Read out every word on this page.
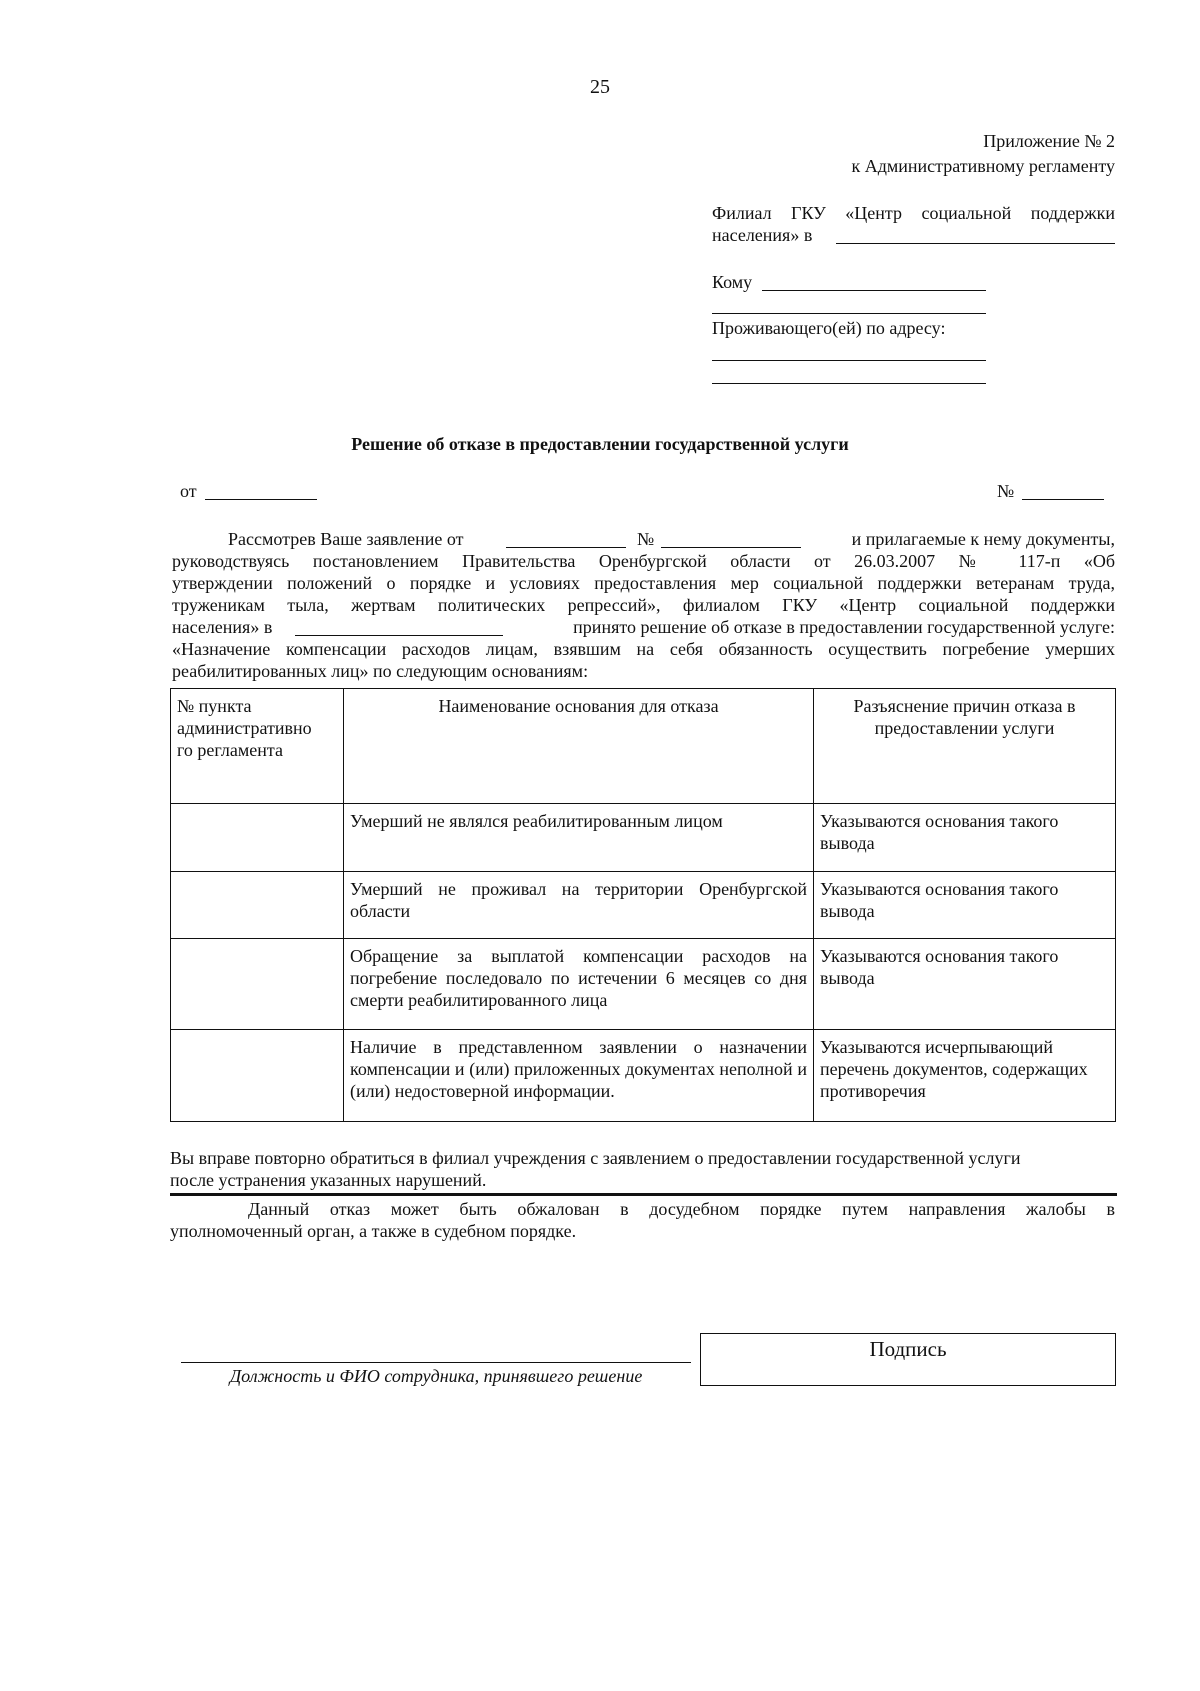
25
Приложение № 2
к Административному регламенту
Филиал ГКУ «Центр социальной поддержки
населения» в
Кому
Проживающего(ей) по адресу:
Решение об отказе в предоставлении государственной услуги
от	№
Рассмотрев Ваше заявление от	№	и прилагаемые к нему документы,
руководствуясь постановлением Правительства Оренбургской области от 26.03.2007 № 117-п «Об
утверждении положений о порядке и условиях предоставления мер социальной поддержки ветеранам труда,
труженикам тыла, жертвам политических репрессий», филиалом ГКУ «Центр социальной поддержки
населения» в	принято решение об отказе в предоставлении государственной услуге:
«Назначение компенсации расходов лицам, взявшим на себя обязанность осуществить погребение умерших
реабилитированных лиц» по следующим основаниям:
№ пункта административно го регламента	Наименование основания для отказа	Разъяснение причин отказа в предоставлении услуги
	Умерший не являлся реабилитированным лицом	Указываются основания такого вывода
	Умерший не проживал на территории Оренбургской области	Указываются основания такого вывода
	Обращение за выплатой компенсации расходов на погребение последовало по истечении 6 месяцев со дня смерти реабилитированного лица	Указываются основания такого вывода
	Наличие в представленном заявлении о назначении компенсации и (или) приложенных документах неполной и (или) недостоверной информации.	Указываются исчерпывающий перечень документов, содержащих противоречия
Вы вправе повторно обратиться в филиал учреждения с заявлением о предоставлении государственной услуги
после устранения указанных нарушений.
Данный отказ может быть обжалован в досудебном порядке путем направления жалобы в
уполномоченный орган, а также в судебном порядке.
Должность и ФИО сотрудника, принявшего решение
Подпись
